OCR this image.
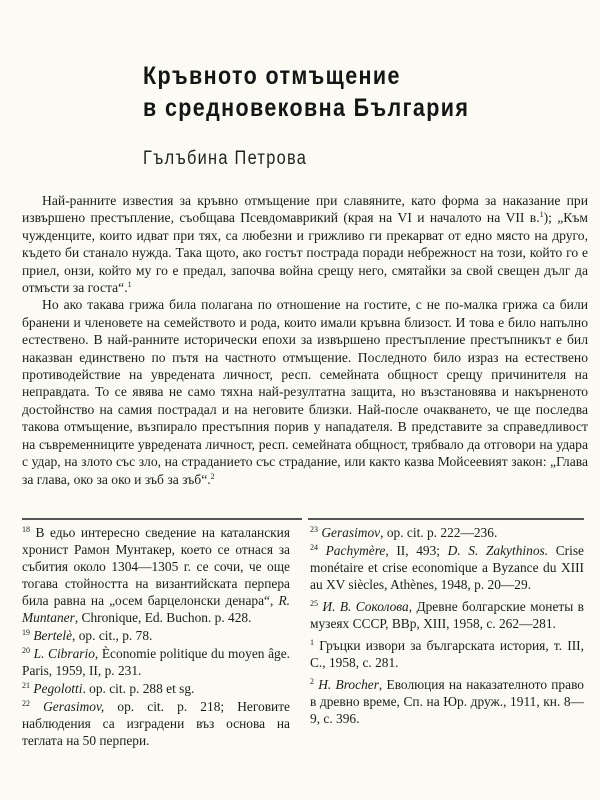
Кръвното отмъщение
в средновековна България
Гълъбина Петрова

Най-ранните известия за кръвно отмъщение при славяните, като форма за наказание при извършено престъпление, съобщава Псевдомаврикий (края на VI и началото на VII в.$^1$); „Към чужденците, които идват при тях, са любезни и грижливо ги прекарват от едно място на друго, където би станало нужда. Така щото, ако гостът пострада поради небрежност на този, който го е приел, онзи, който му го е предал, започва война срещу него, смятайки за свой свещен дълг да отмъсти за госта“.$^1$

Но ако такава грижа била полагана по отношение на гостите, с не по-малка грижа са били бранени и членовете на семейството и рода, които имали кръвна близост. И това е било напълно естествено. В най-ранните исторически епохи за извършено престъпление престъпникът е бил наказван единствено по пътя на частното отмъщение. Последното било израз на естествено противодействие на увредената личност, респ. семейната общност срещу причинителя на неправдата. То се явява не само тяхна най-резултатна защита, но възстановява и накърненото достойнство на самия пострадал и на неговите близки. Най-после очакването, че ще последва такова отмъщение, възпирало престъпния порив у нападателя. В представите за справедливост на съвременниците увредената личност, респ. семейната общност, трябвало да отговори на удара с удар, на злото със зло, на страданието със страдание, или както казва Мойсеевият закон: „Глава за глава, око за око и зъб за зъб“.$^2$

$^{18}$ В едьо интересно сведение на каталанския хронист Рамон Мунтакер, което се отнася за събития около 1304—1305 г. се сочи, че още тогава стойността на византийската перпера била равна на „осем барцелонски денара“, R. Muntaner, Chronique, Ed. Buchon. p. 428.
$^{19}$ Bertelè, op. cit., p. 78.
$^{20}$ L. Cibrario, Èconomie politique du moyen âge. Paris, 1959, II, p. 231.
$^{21}$ Pegolotti. op. cit. p. 288 et sg.
$^{22}$ Gerasimov, op. cit. p. 218; Неговите наблюдения са изградени въз основа на теглата на 50 перпери.
$^{23}$ Gerasimov, op. cit. p. 222—236.
$^{24}$ Pachymère, II, 493; D. S. Zakythinos. Crise monétaire et crise economique a Byzance du XIII au XV siècles, Athènes, 1948, p. 20—29.
$^{25}$ И. В. Соколова, Древне болгарские монеты в музеях СССР, ВВр, XIII, 1958, с. 262—281.
$^1$ Гръцки извори за българската история, т. III, С., 1958, с. 281.
$^2$ H. Brocher, Еволюция на наказателното право в древно време, Сп. на Юр. друж., 1911, кн. 8—9, с. 396.
